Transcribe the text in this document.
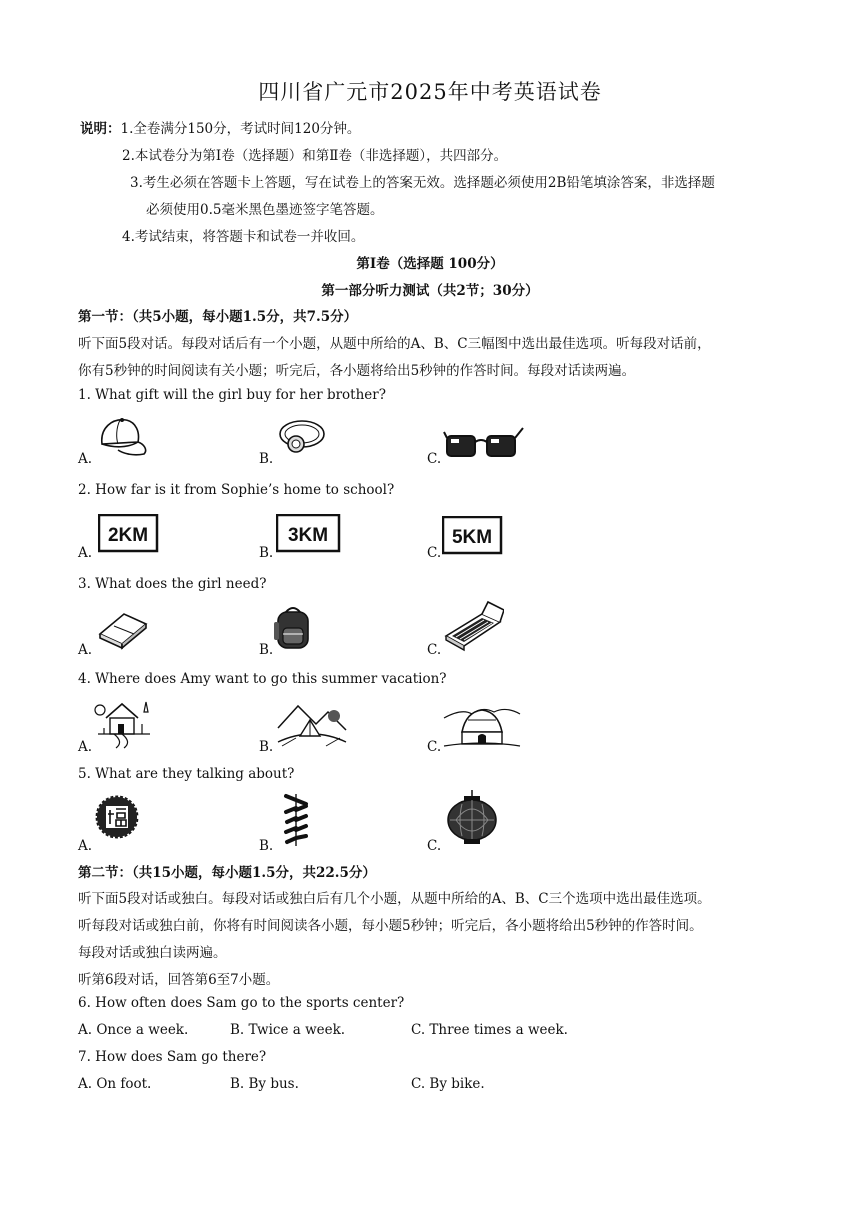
四川省广元市2025年中考英语试卷
说明：1.全卷满分150分，考试时间120分钟。
2.本试卷分为第Ⅰ卷（选择题）和第Ⅱ卷（非选择题），共四部分。
3.考生必须在答题卡上答题，写在试卷上的答案无效。选择题必须使用2B铅笔填涂答案，非选择题
必须使用0.5毫米黑色墨迹签字笔答题。
4.考试结束，将答题卡和试卷一并收回。
第Ⅰ卷（选择题 100分）
第一部分听力测试（共2节；30分）
第一节：（共5小题，每小题1.5分，共7.5分）
听下面5段对话。每段对话后有一个小题，从题中所给的A、B、C三幅图中选出最佳选项。听每段对话前，
你有5秒钟的时间阅读有关小题；听完后，各小题将给出5秒钟的作答时间。每段对话读两遍。
1. What gift will the girl buy for her brother?
A.	B.	C.
2. How far is it from Sophie’s home to school?
A.
2KM
B.
3KM
C.
5KM
3. What does the girl need?
A.	B.	C.
4. Where does Amy want to go this summer vacation?
A.	B.	C.
5. What are they talking about?
A.	B.	C.
第二节：（共15小题，每小题1.5分，共22.5分）
听下面5段对话或独白。每段对话或独白后有几个小题，从题中所给的A、B、C三个选项中选出最佳选项。
听每段对话或独白前，你将有时间阅读各小题，每小题5秒钟；听完后，各小题将给出5秒钟的作答时间。
每段对话或独白读两遍。
听第6段对话，回答第6至7小题。
6. How often does Sam go to the sports center?
A. Once a week.	B. Twice a week.	C. Three times a week.
7. How does Sam go there?
A. On foot.	B. By bus.	C. By bike.
